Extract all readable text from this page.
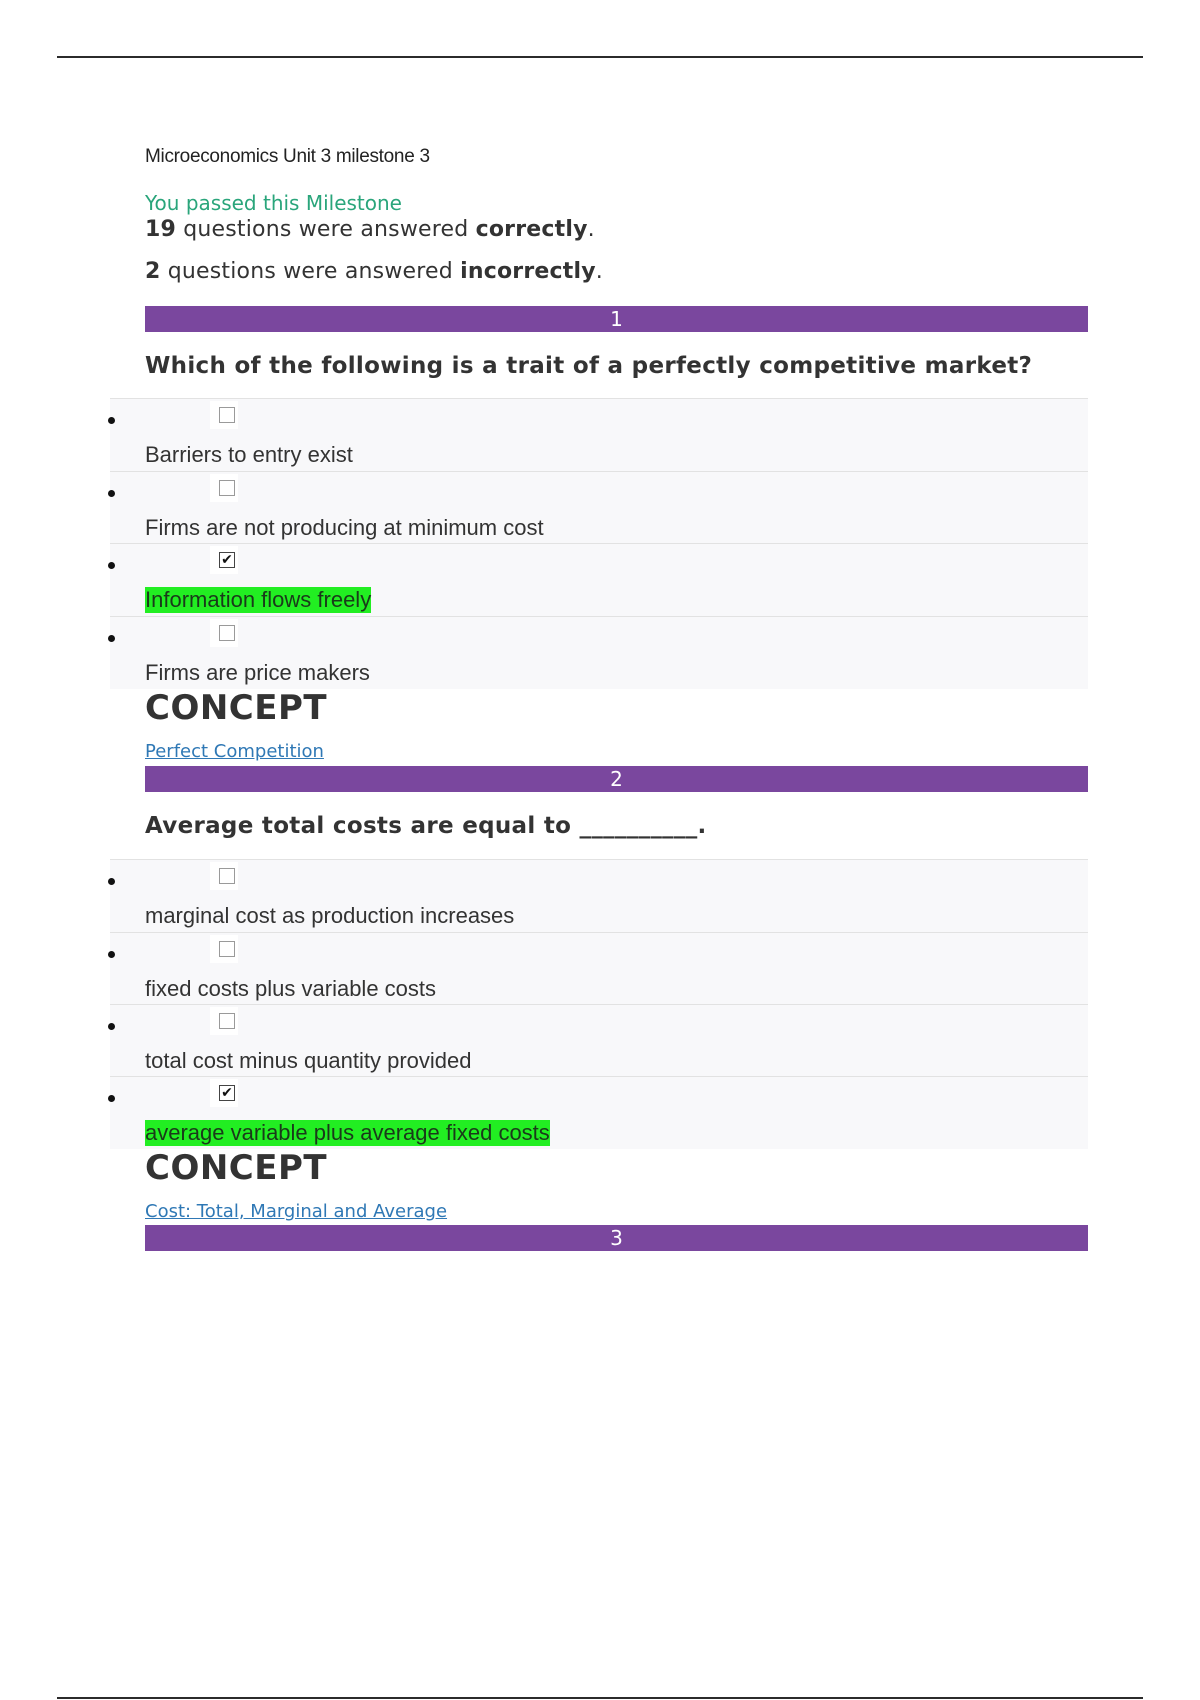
Microeconomics Unit 3 milestone 3
You passed this Milestone
19 questions were answered correctly.
2 questions were answered incorrectly.
1
Which of the following is a trait of a perfectly competitive market?
Barriers to entry exist
Firms are not producing at minimum cost
✔
Information flows freely
Firms are price makers
CONCEPT
Perfect Competition
2
Average total costs are equal to __________.
marginal cost as production increases
fixed costs plus variable costs
total cost minus quantity provided
✔
average variable plus average fixed costs
CONCEPT
Cost: Total, Marginal and Average
3
